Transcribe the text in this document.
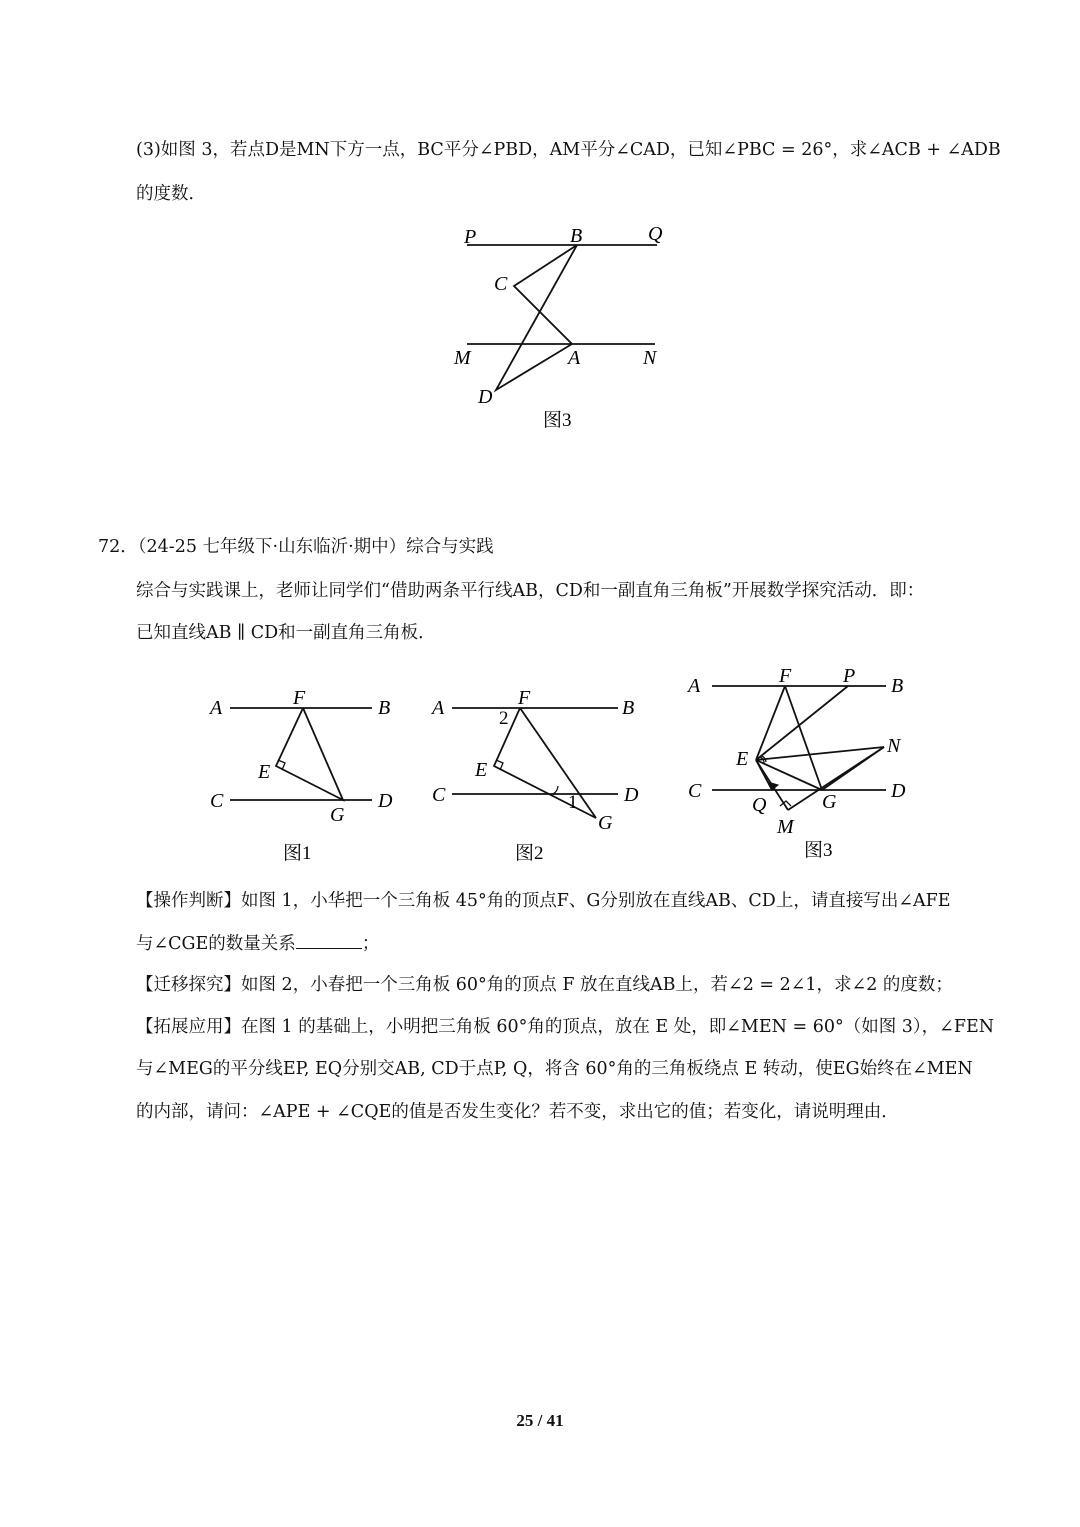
(3)如图 3，若点D是MN下方一点，BC平分∠PBD，AM平分∠CAD，已知∠PBC = 26°，求∠ACB + ∠ADB
的度数．
P	B	Q
C
M	A	N
D
图3
72．（24-25 七年级下·山东临沂·期中）综合与实践
综合与实践课上，老师让同学们“借助两条平行线AB，CD和一副直角三角板”开展数学探究活动．即：
已知直线AB ∥ CD和一副直角三角板．
A	F	B
E
C
G
D
图1
A	F	B
2
E
C	1 D
G
图2
A	F	P B
E
N
C
Q	G	D
M
图3
【操作判断】如图 1，小华把一个三角板 45°角的顶点F、G分别放在直线AB、CD上，请直接写出∠AFE
与∠CGE的数量关系	；
【迁移探究】如图 2，小春把一个三角板 60°角的顶点 F 放在直线AB上，若∠2 = 2∠1，求∠2 的度数；
【拓展应用】在图 1 的基础上，小明把三角板 60°角的顶点，放在 E 处，即∠MEN = 60°（如图 3），∠FEN
与∠MEG的平分线EP, EQ分别交AB, CD于点P, Q，将含 60°角的三角板绕点 E 转动，使EG始终在∠MEN
的内部，请问：∠APE + ∠CQE的值是否发生变化？若不变，求出它的值；若变化，请说明理由．
25 / 41
